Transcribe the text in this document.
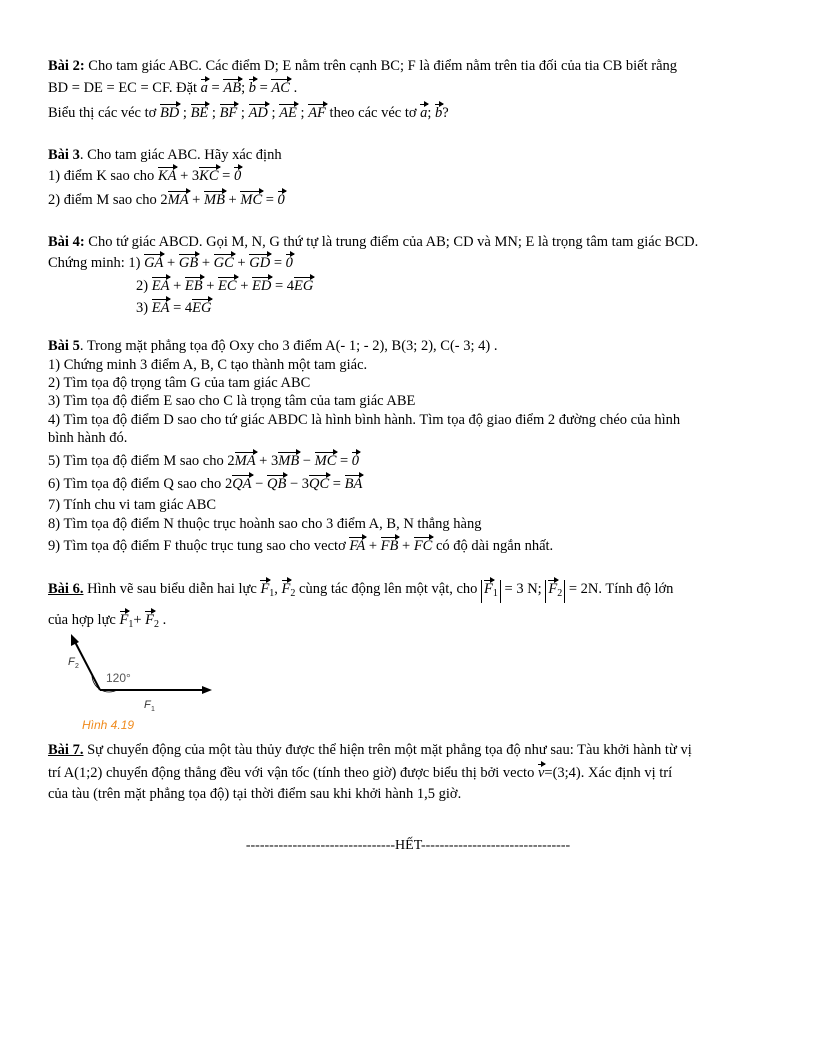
Bài 2: Cho tam giác ABC. Các điểm D; E nằm trên cạnh BC; F là điểm nằm trên tia đối của tia CB biết rằng
BD = DE = EC = CF. Đặt a = AB; b = AC .
Biểu thị các véc tơ BD ; BE ; BF ; AD ; AE ; AF theo các véc tơ a; b?
Bài 3. Cho tam giác ABC. Hãy xác định
1) điểm K sao cho KA + 3KC = 0
2) điểm M sao cho 2MA + MB + MC = 0
Bài 4: Cho tứ giác ABCD. Gọi M, N, G thứ tự là trung điểm của AB; CD và MN; E là trọng tâm tam giác BCD.
Chứng minh: 1) GA + GB + GC + GD = 0
2) EA + EB + EC + ED = 4EG
3) EA = 4EG
Bài 5. Trong mặt phẳng tọa độ Oxy cho 3 điểm A(- 1; - 2), B(3; 2), C(- 3; 4) .
1) Chứng minh 3 điểm A, B, C tạo thành một tam giác.
2) Tìm tọa độ trọng tâm G của tam giác ABC
3) Tìm tọa độ điểm E sao cho C là trọng tâm của tam giác ABE
4) Tìm tọa độ điểm D sao cho tứ giác ABDC là hình bình hành. Tìm tọa độ giao điểm 2 đường chéo của hình
bình hành đó.
5) Tìm tọa độ điểm M sao cho 2MA + 3MB − MC = 0
6) Tìm tọa độ điểm Q sao cho 2QA − QB − 3QC = BA
7) Tính chu vi tam giác ABC
8) Tìm tọa độ điểm N thuộc trục hoành sao cho 3 điểm A, B, N thẳng hàng
9) Tìm tọa độ điểm F thuộc trục tung sao cho vectơ FA + FB + FC có độ dài ngắn nhất.
Bài 6. Hình vẽ sau biểu diễn hai lực $F_1$, $F_2$ cùng tác động lên một vật, cho $F_1 = 3$ N; $F_2 = 2N$. Tính độ lớn
của hợp lực $F_1+ F_2$ .
120°
F 2
F 1
Hình 4.19
Bài 7. Sự chuyển động của một tàu thủy được thể hiện trên một mặt phẳng tọa độ như sau: Tàu khởi hành từ vị
trí A(1;2) chuyển động thẳng đều với vận tốc (tính theo giờ) được biểu thị bởi vecto v=(3;4). Xác định vị trí
của tàu (trên mặt phẳng tọa độ) tại thời điểm sau khi khởi hành 1,5 giờ.
--------------------------------HẾT--------------------------------
